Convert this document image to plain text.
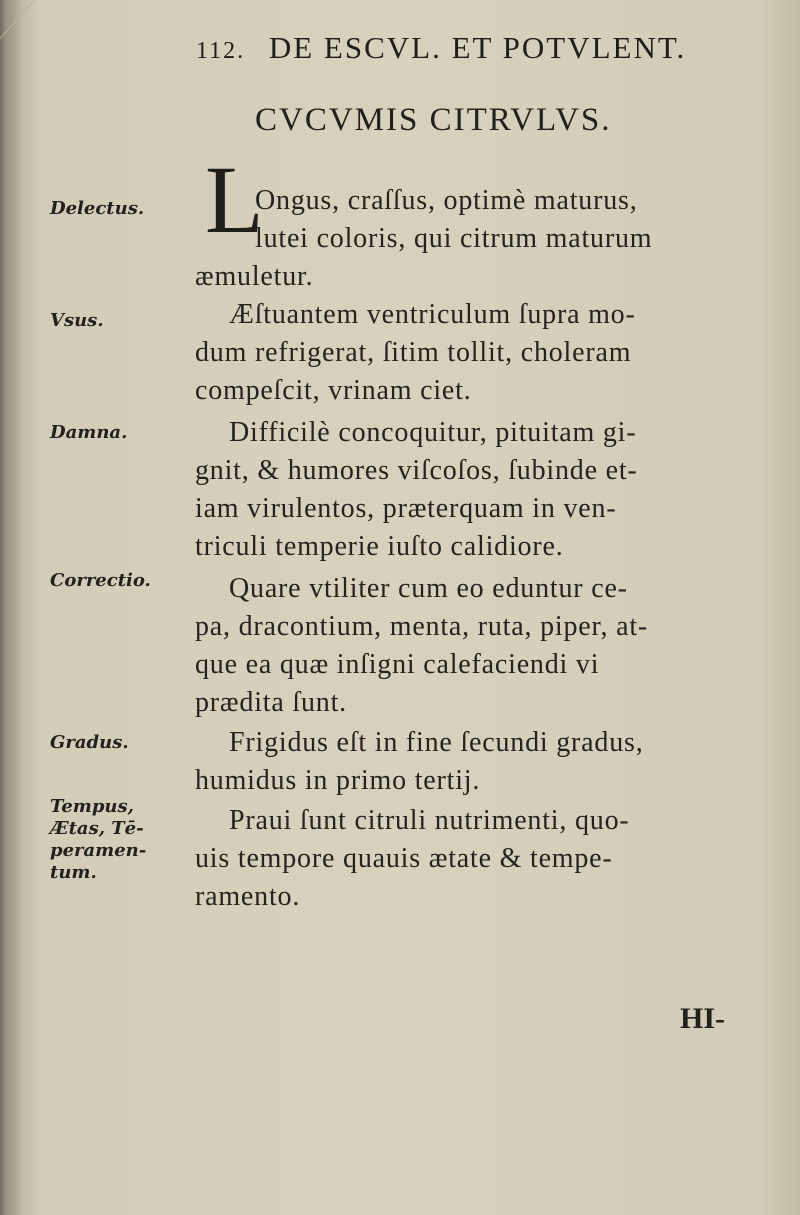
112. DE ESCVL. ET POTVLENT.
CVCVMIS CITRVLVS.
Delectus.
Vsus.
Damna.
Correctio.
Gradus.
Tempus,
Ætas, Tē-
peramen-
tum.
L
Ongus, craſſus, optimè maturus,
lutei coloris, qui citrum maturum
æmuletur.
Æſtuantem ventriculum ſupra mo-
dum refrigerat, ſitim tollit, choleram
compeſcit, vrinam ciet.
Difficilè concoquitur, pituitam gi-
gnit, & humores viſcoſos, ſubinde et-
iam virulentos, præterquam in ven-
triculi temperie iuſto calidiore.
Quare vtiliter cum eo eduntur ce-
pa, dracontium, menta, ruta, piper, at-
que ea quæ inſigni calefaciendi vi
prædita ſunt.
Frigidus eſt in fine ſecundi gradus,
humidus in primo tertij.
Praui ſunt citruli nutrimenti, quo-
uis tempore quauis ætate & tempe-
ramento.
HI-
